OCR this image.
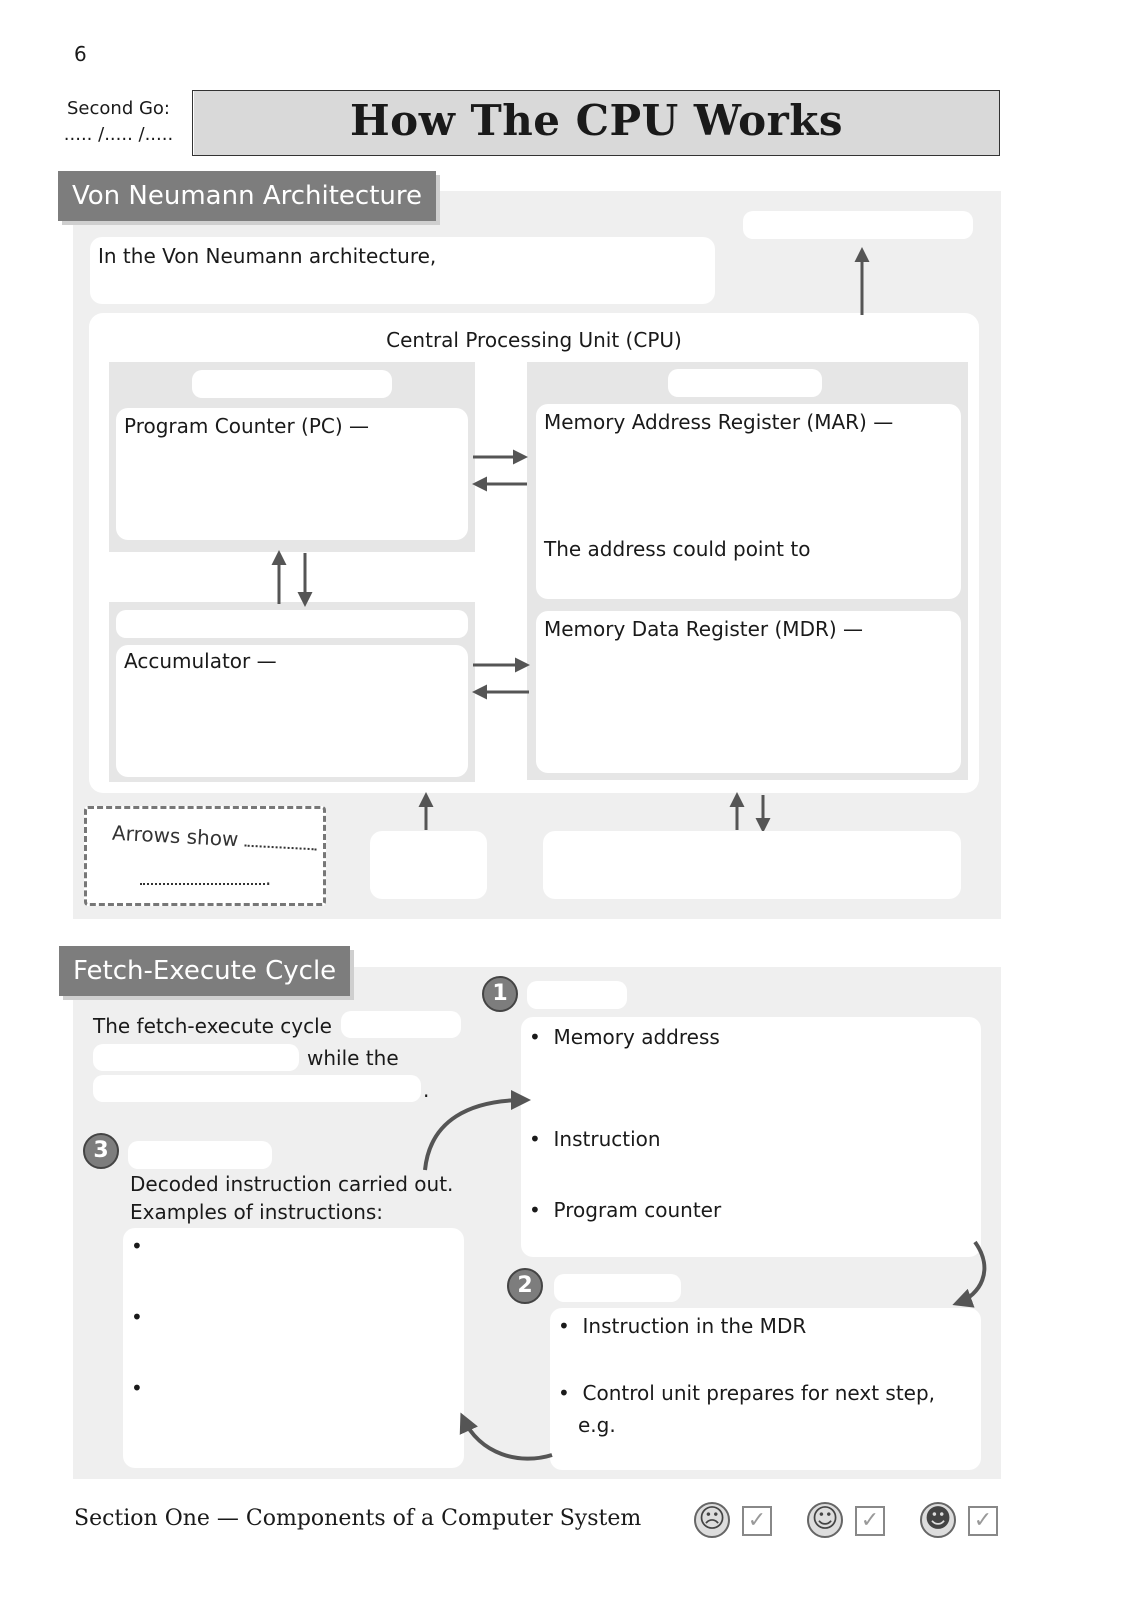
6
Second Go:
..... /..... /.....	How The CPU Works
Von Neumann Architecture
In the Von Neumann architecture,
Central Processing Unit (CPU)
Program Counter (PC) —
Accumulator —
Memory Address Register (MAR) —
The address could point to
Memory Data Register (MDR) —
Arrows show
.
Fetch-Execute Cycle
The fetch-execute cycle
while the
.
1
• Memory address
• Instruction
• Program counter
2
• Instruction in the MDR
• Control unit prepares for next step,
e.g.
3
Decoded instruction carried out.
Examples of instructions:
•
•
•
Section One — Components of a Computer System ☹ ✓ ☺ ✓ ☻ ✓
